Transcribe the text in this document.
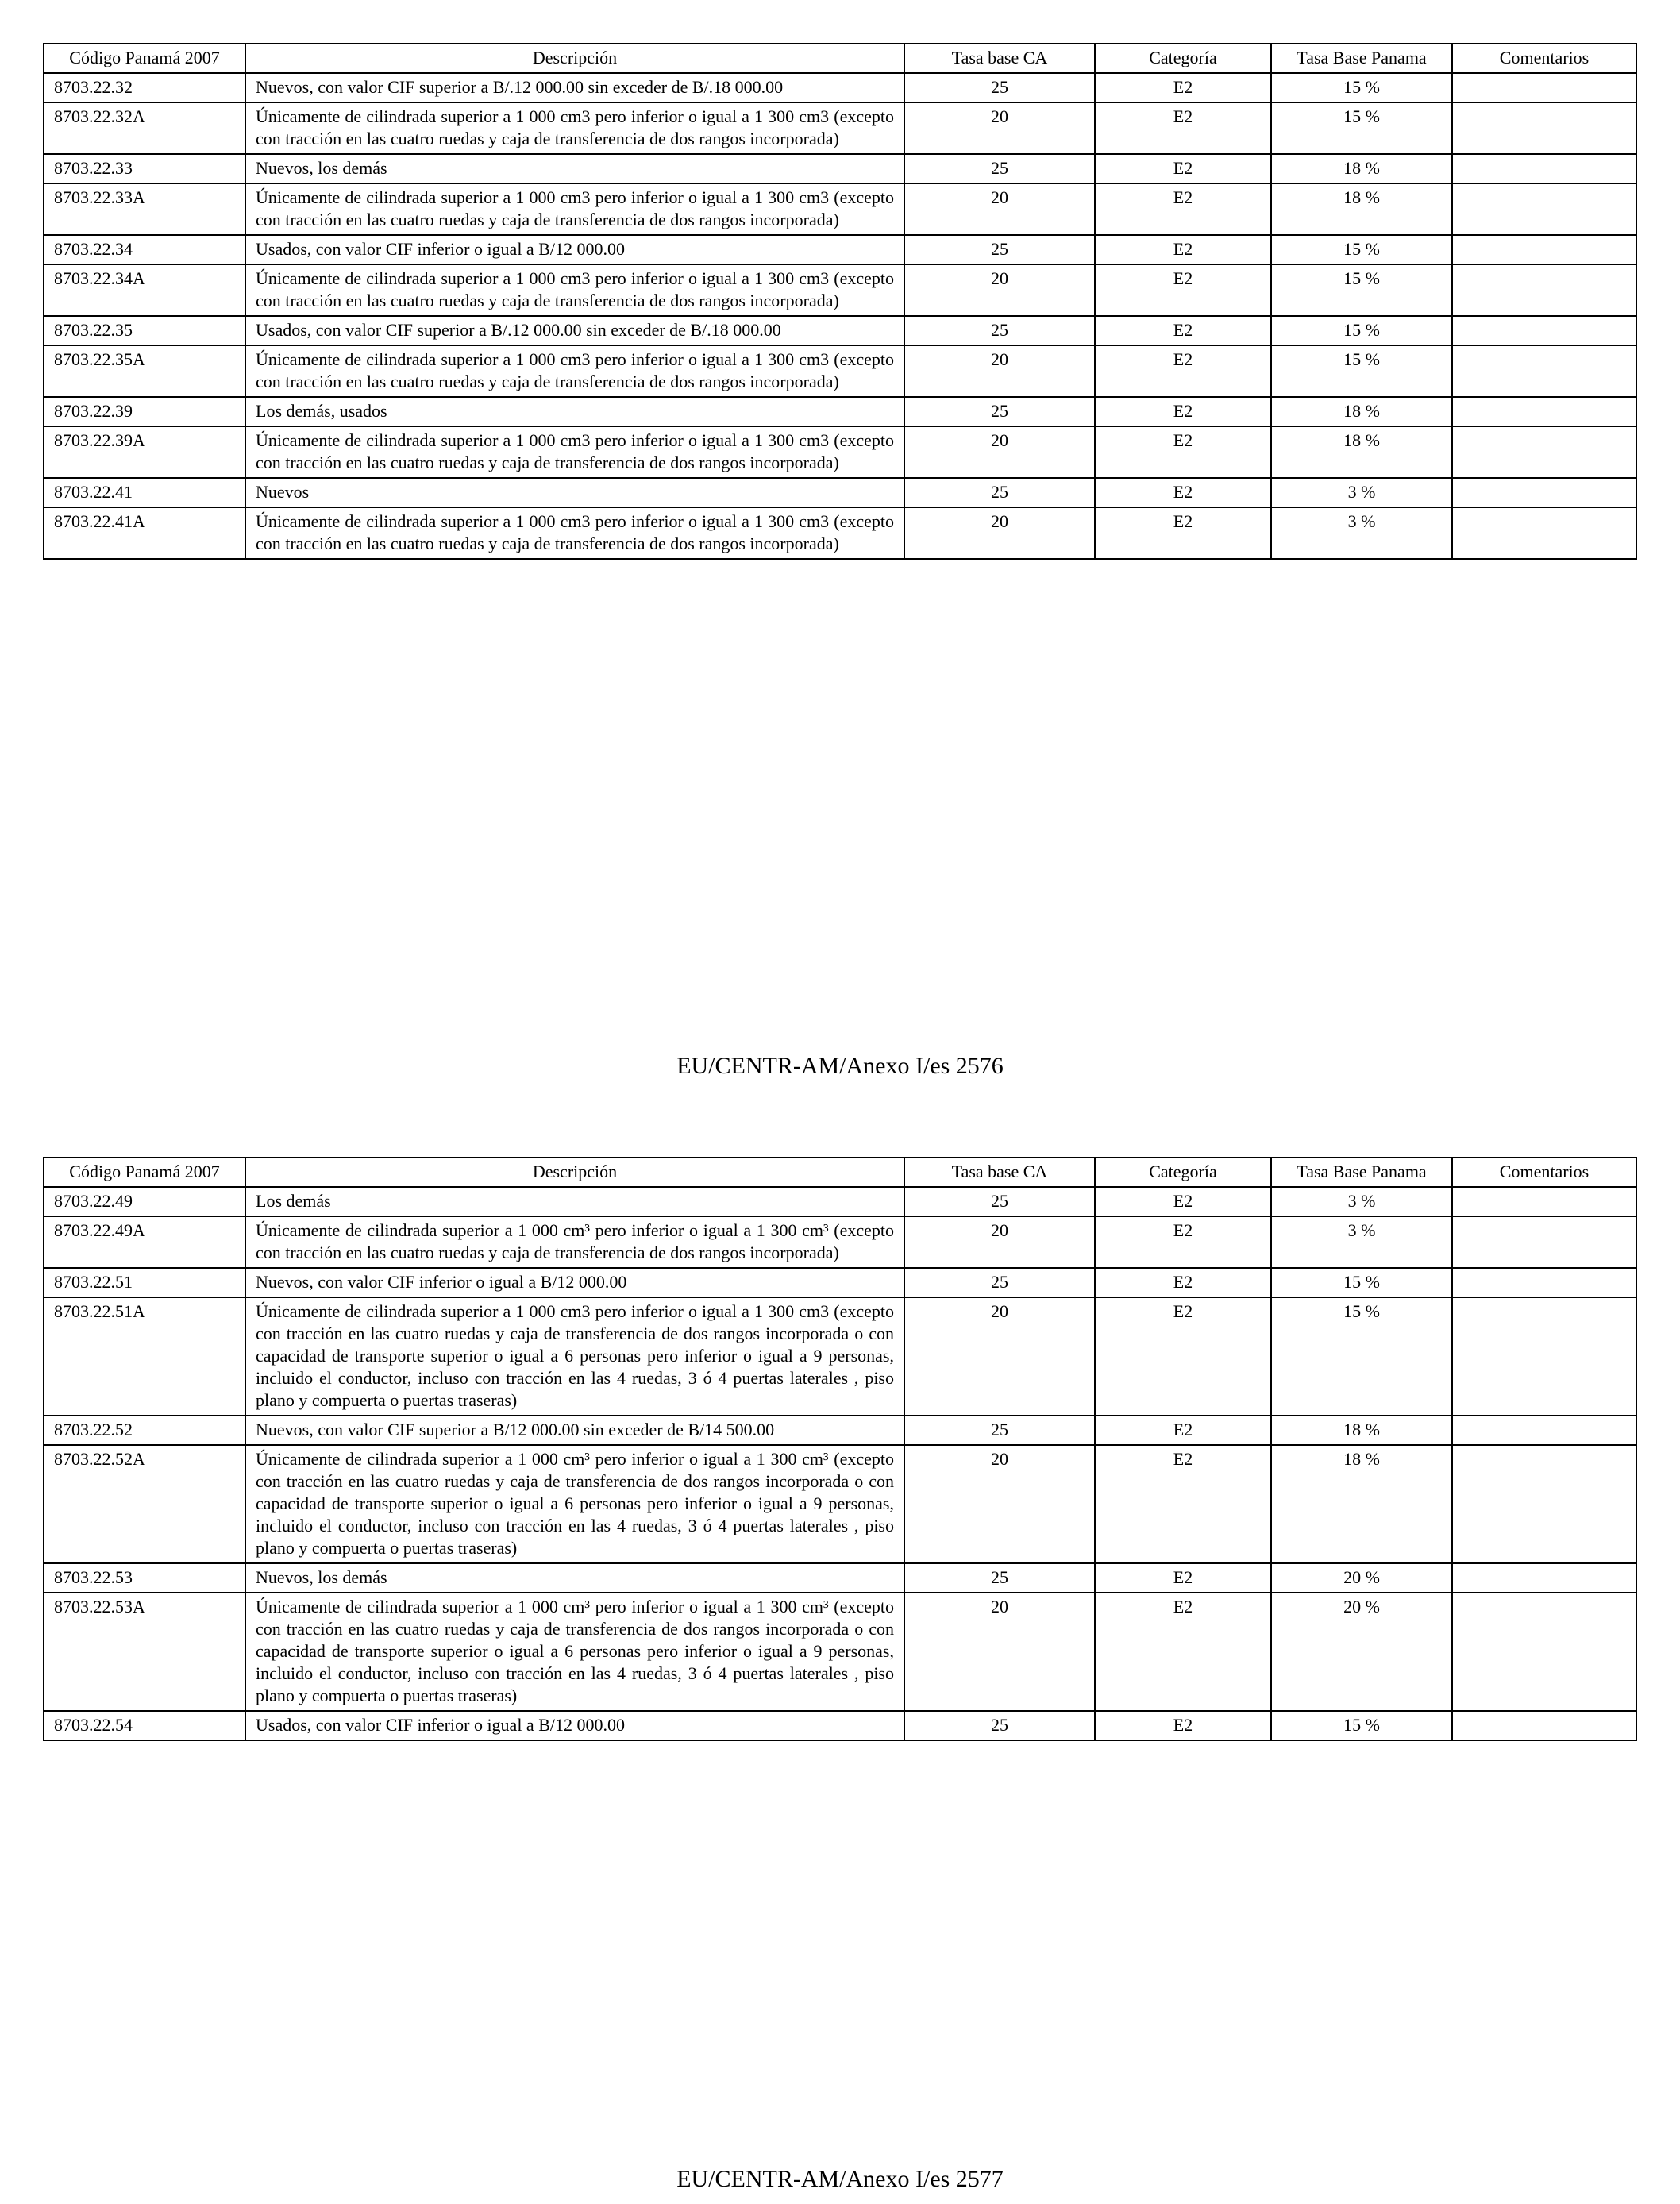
Código Panamá 2007	Descripción	Tasa base CA	Categoría	Tasa Base Panama	Comentarios
8703.22.32	Nuevos, con valor CIF superior a B/.12 000.00 sin exceder de B/.18 000.00	25	E2	15 %	
8703.22.32A	Únicamente de cilindrada superior a 1 000 cm3 pero inferior o igual a 1 300 cm3 (excepto con tracción en las cuatro ruedas y caja de transferencia de dos rangos incorporada)	20	E2	15 %	
8703.22.33	Nuevos, los demás	25	E2	18 %	
8703.22.33A	Únicamente de cilindrada superior a 1 000 cm3 pero inferior o igual a 1 300 cm3 (excepto con tracción en las cuatro ruedas y caja de transferencia de dos rangos incorporada)	20	E2	18 %	
8703.22.34	Usados, con valor CIF inferior o igual a B/12 000.00	25	E2	15 %	
8703.22.34A	Únicamente de cilindrada superior a 1 000 cm3 pero inferior o igual a 1 300 cm3 (excepto con tracción en las cuatro ruedas y caja de transferencia de dos rangos incorporada)	20	E2	15 %	
8703.22.35	Usados, con valor CIF superior a B/.12 000.00 sin exceder de B/.18 000.00	25	E2	15 %	
8703.22.35A	Únicamente de cilindrada superior a 1 000 cm3 pero inferior o igual a 1 300 cm3 (excepto con tracción en las cuatro ruedas y caja de transferencia de dos rangos incorporada)	20	E2	15 %	
8703.22.39	Los demás, usados	25	E2	18 %	
8703.22.39A	Únicamente de cilindrada superior a 1 000 cm3 pero inferior o igual a 1 300 cm3 (excepto con tracción en las cuatro ruedas y caja de transferencia de dos rangos incorporada)	20	E2	18 %	
8703.22.41	Nuevos	25	E2	3 %	
8703.22.41A	Únicamente de cilindrada superior a 1 000 cm3 pero inferior o igual a 1 300 cm3 (excepto con tracción en las cuatro ruedas y caja de transferencia de dos rangos incorporada)	20	E2	3 %	
EU/CENTR-AM/Anexo I/es 2576
Código Panamá 2007	Descripción	Tasa base CA	Categoría	Tasa Base Panama	Comentarios
8703.22.49	Los demás	25	E2	3 %	
8703.22.49A	Únicamente de cilindrada superior a 1 000 cm³ pero inferior o igual a 1 300 cm³ (excepto con tracción en las cuatro ruedas y caja de transferencia de dos rangos incorporada)	20	E2	3 %	
8703.22.51	Nuevos, con valor CIF inferior o igual a B/12 000.00	25	E2	15 %	
8703.22.51A	Únicamente de cilindrada superior a 1 000 cm3 pero inferior o igual a 1 300 cm3 (excepto con tracción en las cuatro ruedas y caja de transferencia de dos rangos incorporada o con capacidad de transporte superior o igual a 6 personas pero inferior o igual a 9 personas, incluido el conductor, incluso con tracción en las 4 ruedas, 3 ó 4 puertas laterales , piso plano y compuerta o puertas traseras)	20	E2	15 %	
8703.22.52	Nuevos, con valor CIF superior a B/12 000.00 sin exceder de B/14 500.00	25	E2	18 %	
8703.22.52A	Únicamente de cilindrada superior a 1 000 cm³ pero inferior o igual a 1 300 cm³ (excepto con tracción en las cuatro ruedas y caja de transferencia de dos rangos incorporada o con capacidad de transporte superior o igual a 6 personas pero inferior o igual a 9 personas, incluido el conductor, incluso con tracción en las 4 ruedas, 3 ó 4 puertas laterales , piso plano y compuerta o puertas traseras)	20	E2	18 %	
8703.22.53	Nuevos, los demás	25	E2	20 %	
8703.22.53A	Únicamente de cilindrada superior a 1 000 cm³ pero inferior o igual a 1 300 cm³ (excepto con tracción en las cuatro ruedas y caja de transferencia de dos rangos incorporada o con capacidad de transporte superior o igual a 6 personas pero inferior o igual a 9 personas, incluido el conductor, incluso con tracción en las 4 ruedas, 3 ó 4 puertas laterales , piso plano y compuerta o puertas traseras)	20	E2	20 %	
8703.22.54	Usados, con valor CIF inferior o igual a B/12 000.00	25	E2	15 %	
EU/CENTR-AM/Anexo I/es 2577
